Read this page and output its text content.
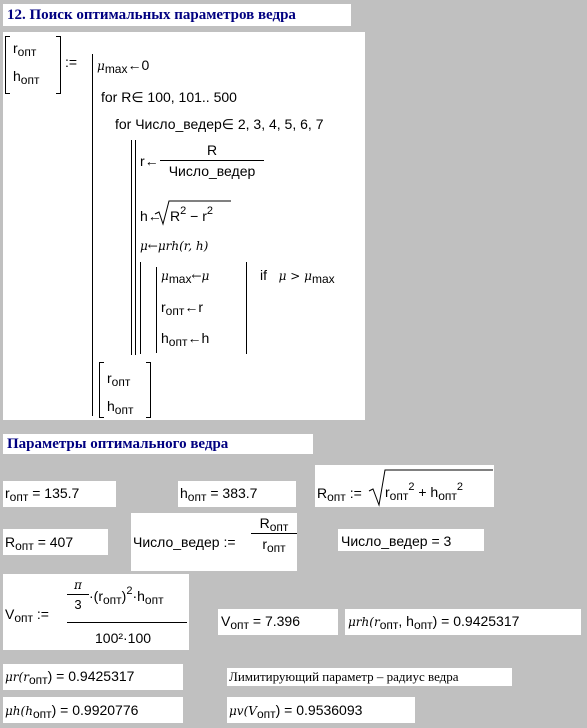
12. Поиск оптимальных параметров ведра
rопт
hопт
:= μmax←0
for R∈ 100, 101.. 500
for Число_ведер∈ 2, 3, 4, 5, 6, 7
r←
R
Число_ведер
h← $R^2 - r^2$
μ←μrh(r, h)
μmax←μ	if μ > μmax
rопт←r
hопт←h
rопт
hопт
Параметры оптимального ведра
rопт = 135.7	hопт = 383.7	Rопт := rопт$^2$ + hопт$^2$
Rопт = 407	Число_ведер :=
Rопт
rопт	Число_ведер = 3
Vопт :=
π
3
·(rопт)$^2$·hопт
100²·100
Vопт = 7.396	μrh(rопт, hопт) = 0.9425317
μr(rопт) = 0.9425317	Лимитирующий параметр – радиус ведра
μh(hопт) = 0.9920776	μv(Vопт) = 0.9536093
